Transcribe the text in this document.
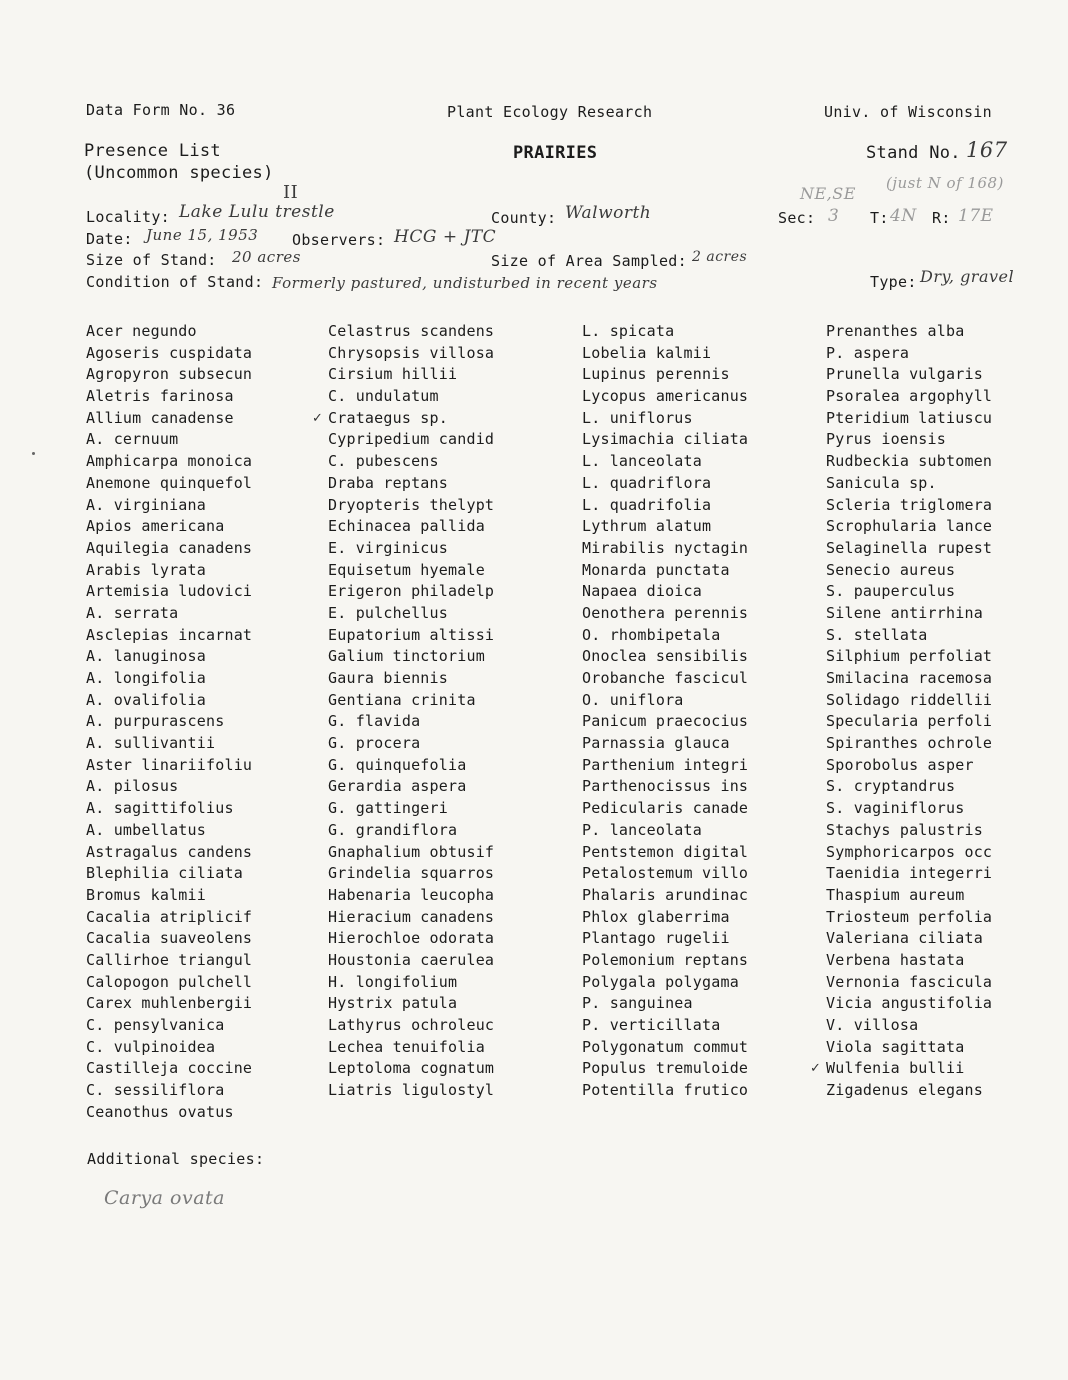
Data Form No. 36	Plant Ecology Research	Univ. of Wisconsin
Presence List
(Uncommon species)
PRAIRIES	Stand No. 167
NE,SE
(just N of 168)
Locality: Lake Lulu trestle
II
County: Walworth	Sec: 3 T: 4N R: 17E
Date: June 15, 1953 Observers: HCG + JTC
Size of Stand: 20 acres	Size of Area Sampled: 2 acres
Condition of Stand: Formerly pastured, undisturbed in recent years	Type: Dry, gravel
Acer negundo
Agoseris cuspidata
Agropyron subsecun
Aletris farinosa
Allium canadense
A. cernuum
Amphicarpa monoica
Anemone quinquefol
A. virginiana
Apios americana
Aquilegia canadens
Arabis lyrata
Artemisia ludovici
A. serrata
Asclepias incarnat
A. lanuginosa
A. longifolia
A. ovalifolia
A. purpurascens
A. sullivantii
Aster linariifoliu
A. pilosus
A. sagittifolius
A. umbellatus
Astragalus candens
Blephilia ciliata
Bromus kalmii
Cacalia atriplicif
Cacalia suaveolens
Callirhoe triangul
Calopogon pulchell
Carex muhlenbergii
C. pensylvanica
C. vulpinoidea
Castilleja coccine
C. sessiliflora
Ceanothus ovatus
Celastrus scandens
Chrysopsis villosa
Cirsium hillii
C. undulatum
Crataegus sp.
✓
Cypripedium candid
C. pubescens
Draba reptans
Dryopteris thelypt
Echinacea pallida
E. virginicus
Equisetum hyemale
Erigeron philadelp
E. pulchellus
Eupatorium altissi
Galium tinctorium
Gaura biennis
Gentiana crinita
G. flavida
G. procera
G. quinquefolia
Gerardia aspera
G. gattingeri
G. grandiflora
Gnaphalium obtusif
Grindelia squarros
Habenaria leucopha
Hieracium canadens
Hierochloe odorata
Houstonia caerulea
H. longifolium
Hystrix patula
Lathyrus ochroleuc
Lechea tenuifolia
Leptoloma cognatum
Liatris ligulostyl
L. spicata
Lobelia kalmii
Lupinus perennis
Lycopus americanus
L. uniflorus
Lysimachia ciliata
L. lanceolata
L. quadriflora
L. quadrifolia
Lythrum alatum
Mirabilis nyctagin
Monarda punctata
Napaea dioica
Oenothera perennis
O. rhombipetala
Onoclea sensibilis
Orobanche fascicul
O. uniflora
Panicum praecocius
Parnassia glauca
Parthenium integri
Parthenocissus ins
Pedicularis canade
P. lanceolata
Pentstemon digital
Petalostemum villo
Phalaris arundinac
Phlox glaberrima
Plantago rugelii
Polemonium reptans
Polygala polygama
P. sanguinea
P. verticillata
Polygonatum commut
Populus tremuloide
Potentilla frutico
Prenanthes alba
P. aspera
Prunella vulgaris
Psoralea argophyll
Pteridium latiuscu
Pyrus ioensis
Rudbeckia subtomen
Sanicula sp.
Scleria triglomera
Scrophularia lance
Selaginella rupest
Senecio aureus
S. pauperculus
Silene antirrhina
S. stellata
Silphium perfoliat
Smilacina racemosa
Solidago riddellii
Specularia perfoli
Spiranthes ochrole
Sporobolus asper
S. cryptandrus
S. vaginiflorus
Stachys palustris
Symphoricarpos occ
Taenidia integerri
Thaspium aureum
Triosteum perfolia
Valeriana ciliata
Verbena hastata
Vernonia fascicula
Vicia angustifolia
V. villosa
Viola sagittata
Wulfenia bullii
✓
Zigadenus elegans
Additional species:
Carya ovata
